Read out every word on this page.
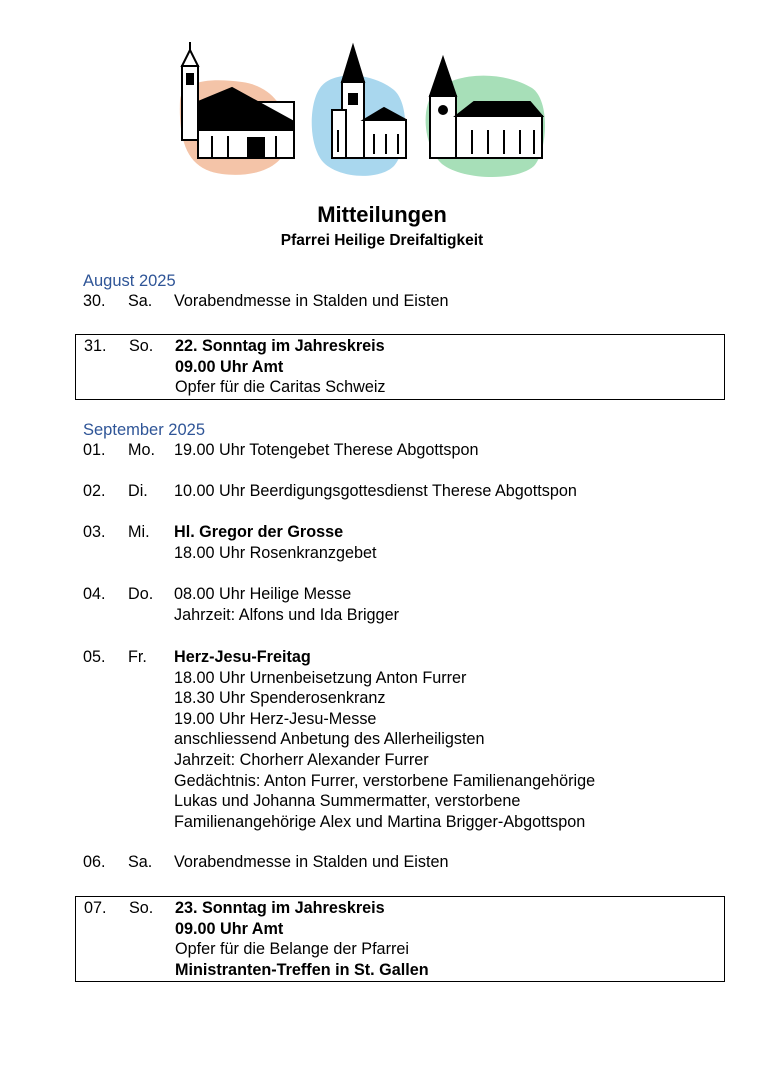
Mitteilungen
Pfarrei Heilige Dreifaltigkeit
August 2025
September 2025
30. Sa. Vorabendmesse in Stalden und Eisten
31. So. 22. Sonntag im Jahreskreis
09.00 Uhr Amt
Opfer für die Caritas Schweiz
01. Mo. 19.00 Uhr Totengebet Therese Abgottspon
02. Di. 10.00 Uhr Beerdigungsgottesdienst Therese Abgottspon
03. Mi. Hl. Gregor der Grosse
18.00 Uhr Rosenkranzgebet
04. Do. 08.00 Uhr Heilige Messe
Jahrzeit: Alfons und Ida Brigger
05. Fr. Herz-Jesu-Freitag
18.00 Uhr Urnenbeisetzung Anton Furrer
18.30 Uhr Spenderosenkranz
19.00 Uhr Herz-Jesu-Messe
anschliessend Anbetung des Allerheiligsten
Jahrzeit: Chorherr Alexander Furrer
Gedächtnis: Anton Furrer, verstorbene Familienangehörige
Lukas und Johanna Summermatter, verstorbene
Familienangehörige Alex und Martina Brigger-Abgottspon
06. Sa. Vorabendmesse in Stalden und Eisten
07. So. 23. Sonntag im Jahreskreis
09.00 Uhr Amt
Opfer für die Belange der Pfarrei
Ministranten-Treffen in St. Gallen
